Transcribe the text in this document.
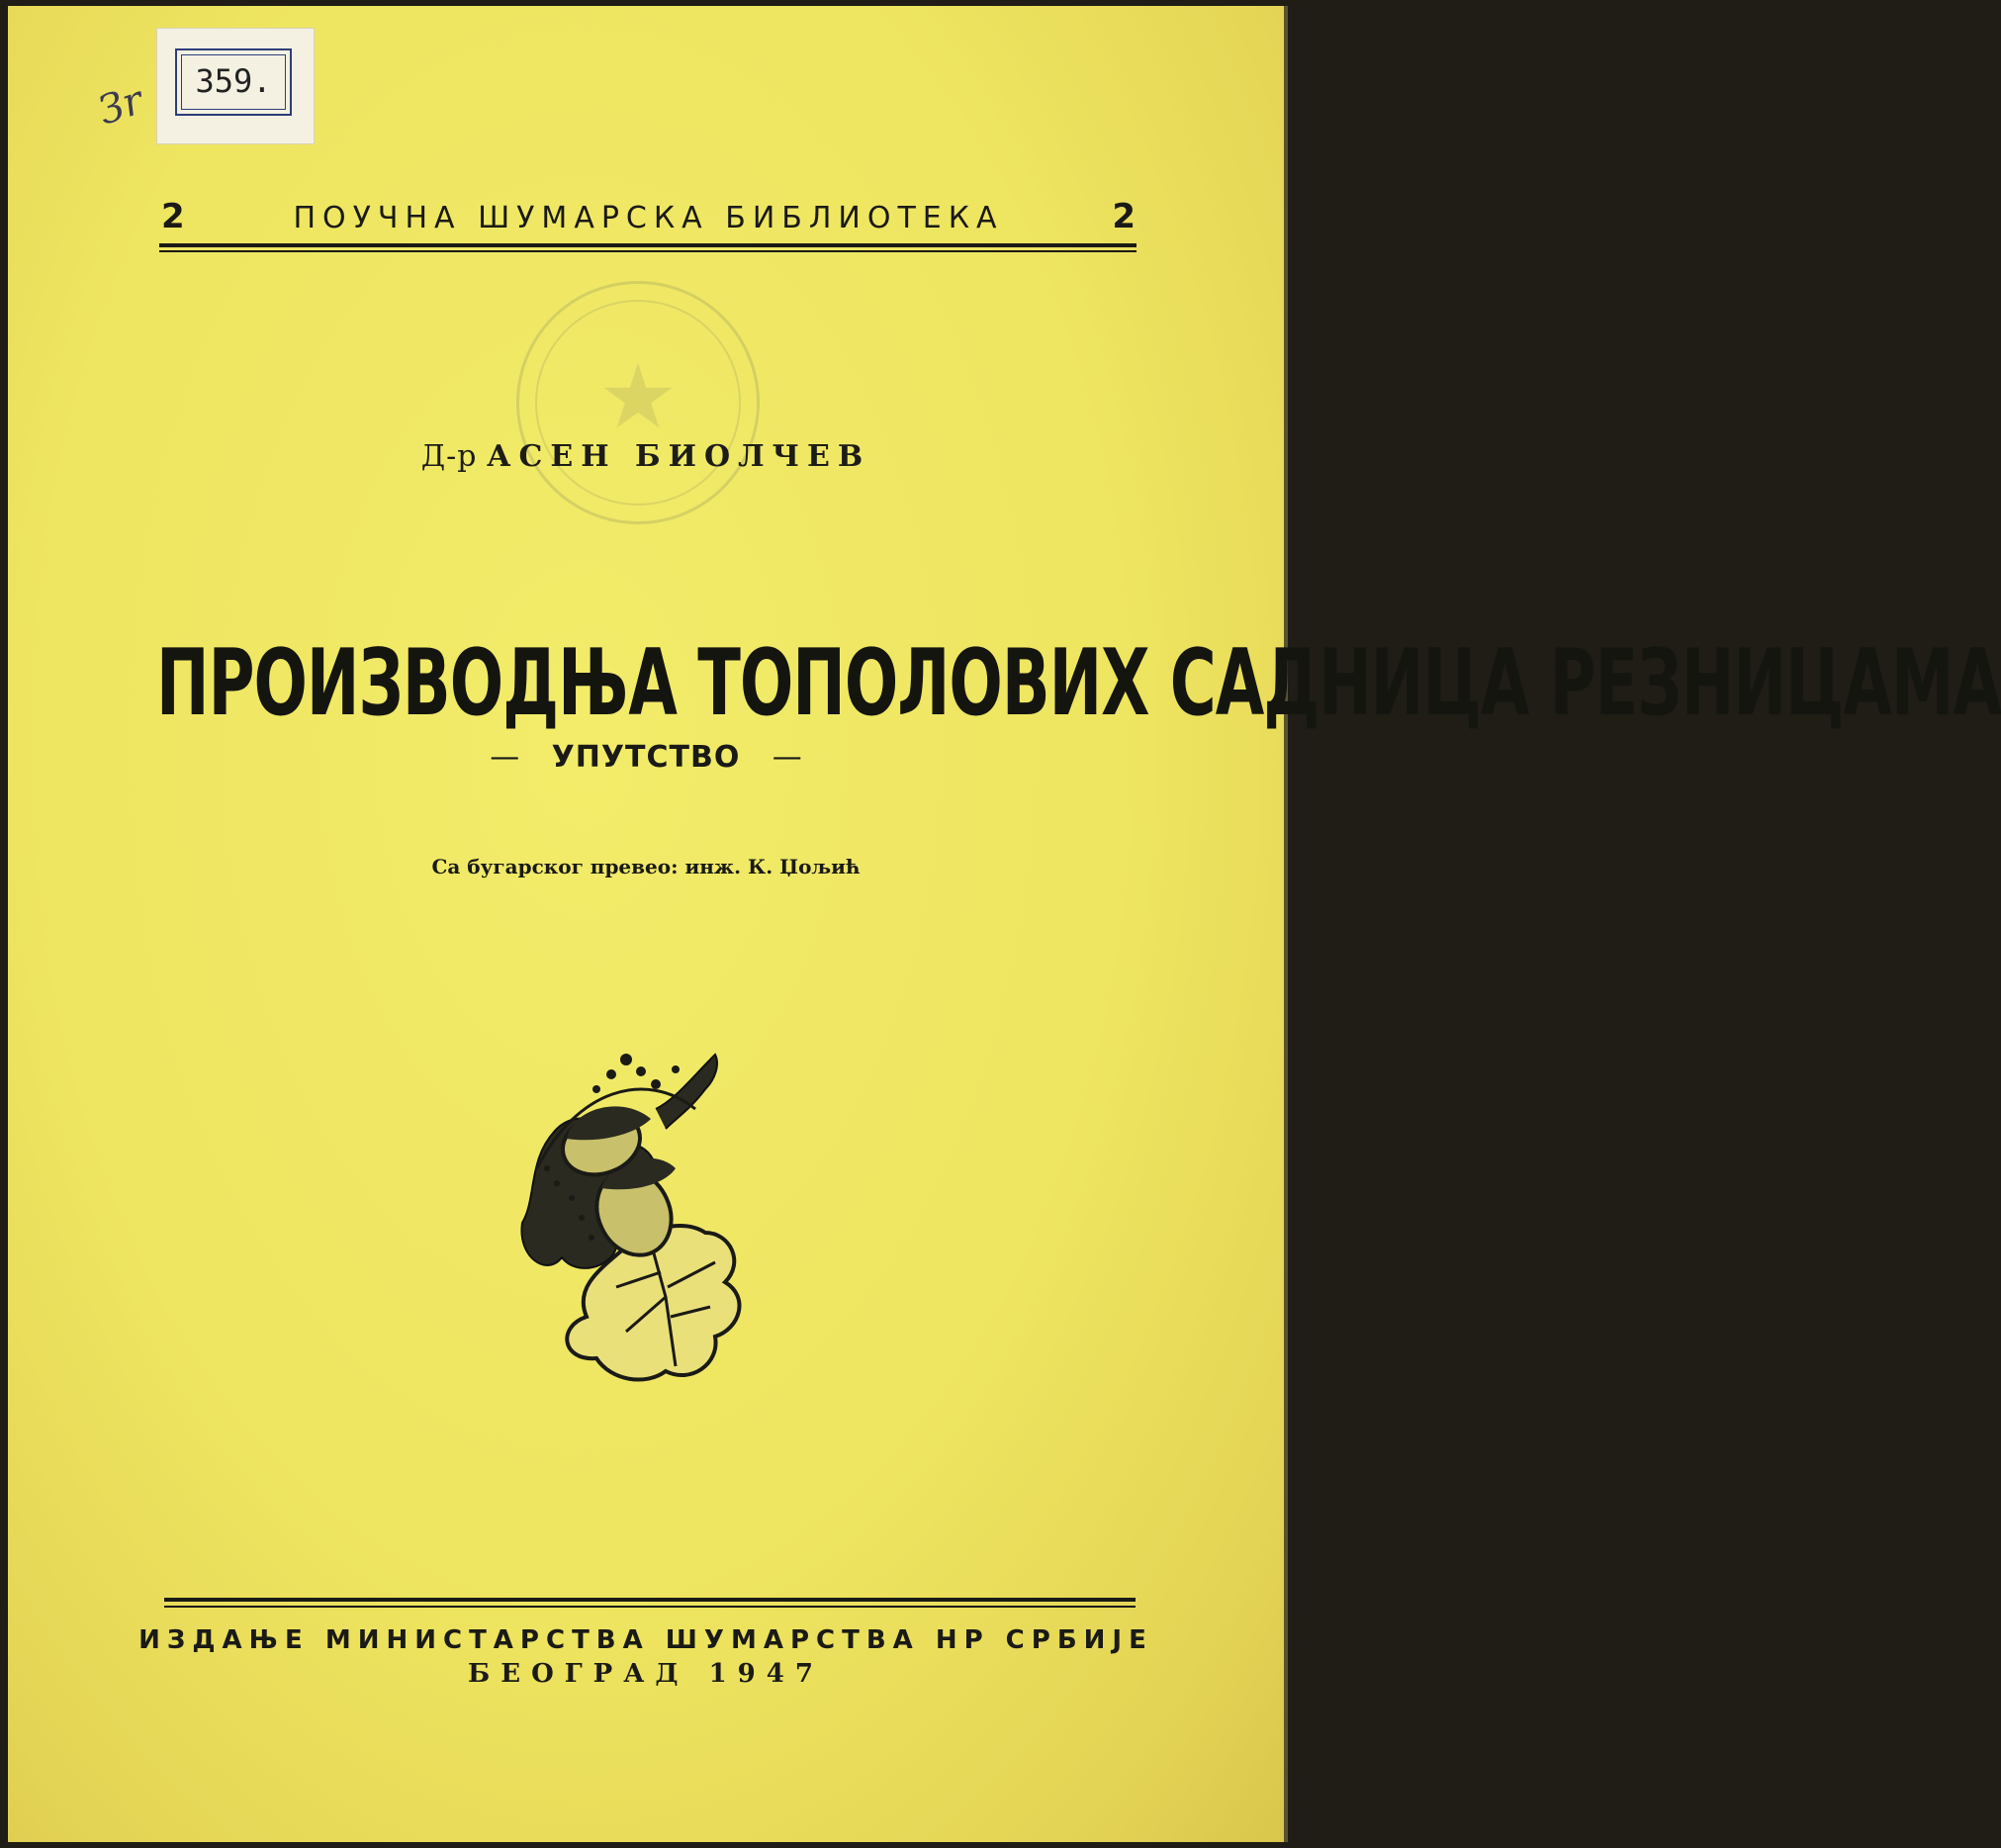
359.
Зr
2	ПОУЧНА ШУМАРСКА БИБЛИОТЕКА	2
★
Д-р АСЕН БИОЛЧЕВ
ПРОИЗВОДЊА ТОПОЛОВИХ САДНИЦА РЕЗНИЦАМА
— УПУТСТВО —
Са бугарског превео: инж. К. Џољић
ИЗДАЊЕ МИНИСТАРСТВА ШУМАРСТВА НР СРБИЈЕ
БЕОГРАД 1947
